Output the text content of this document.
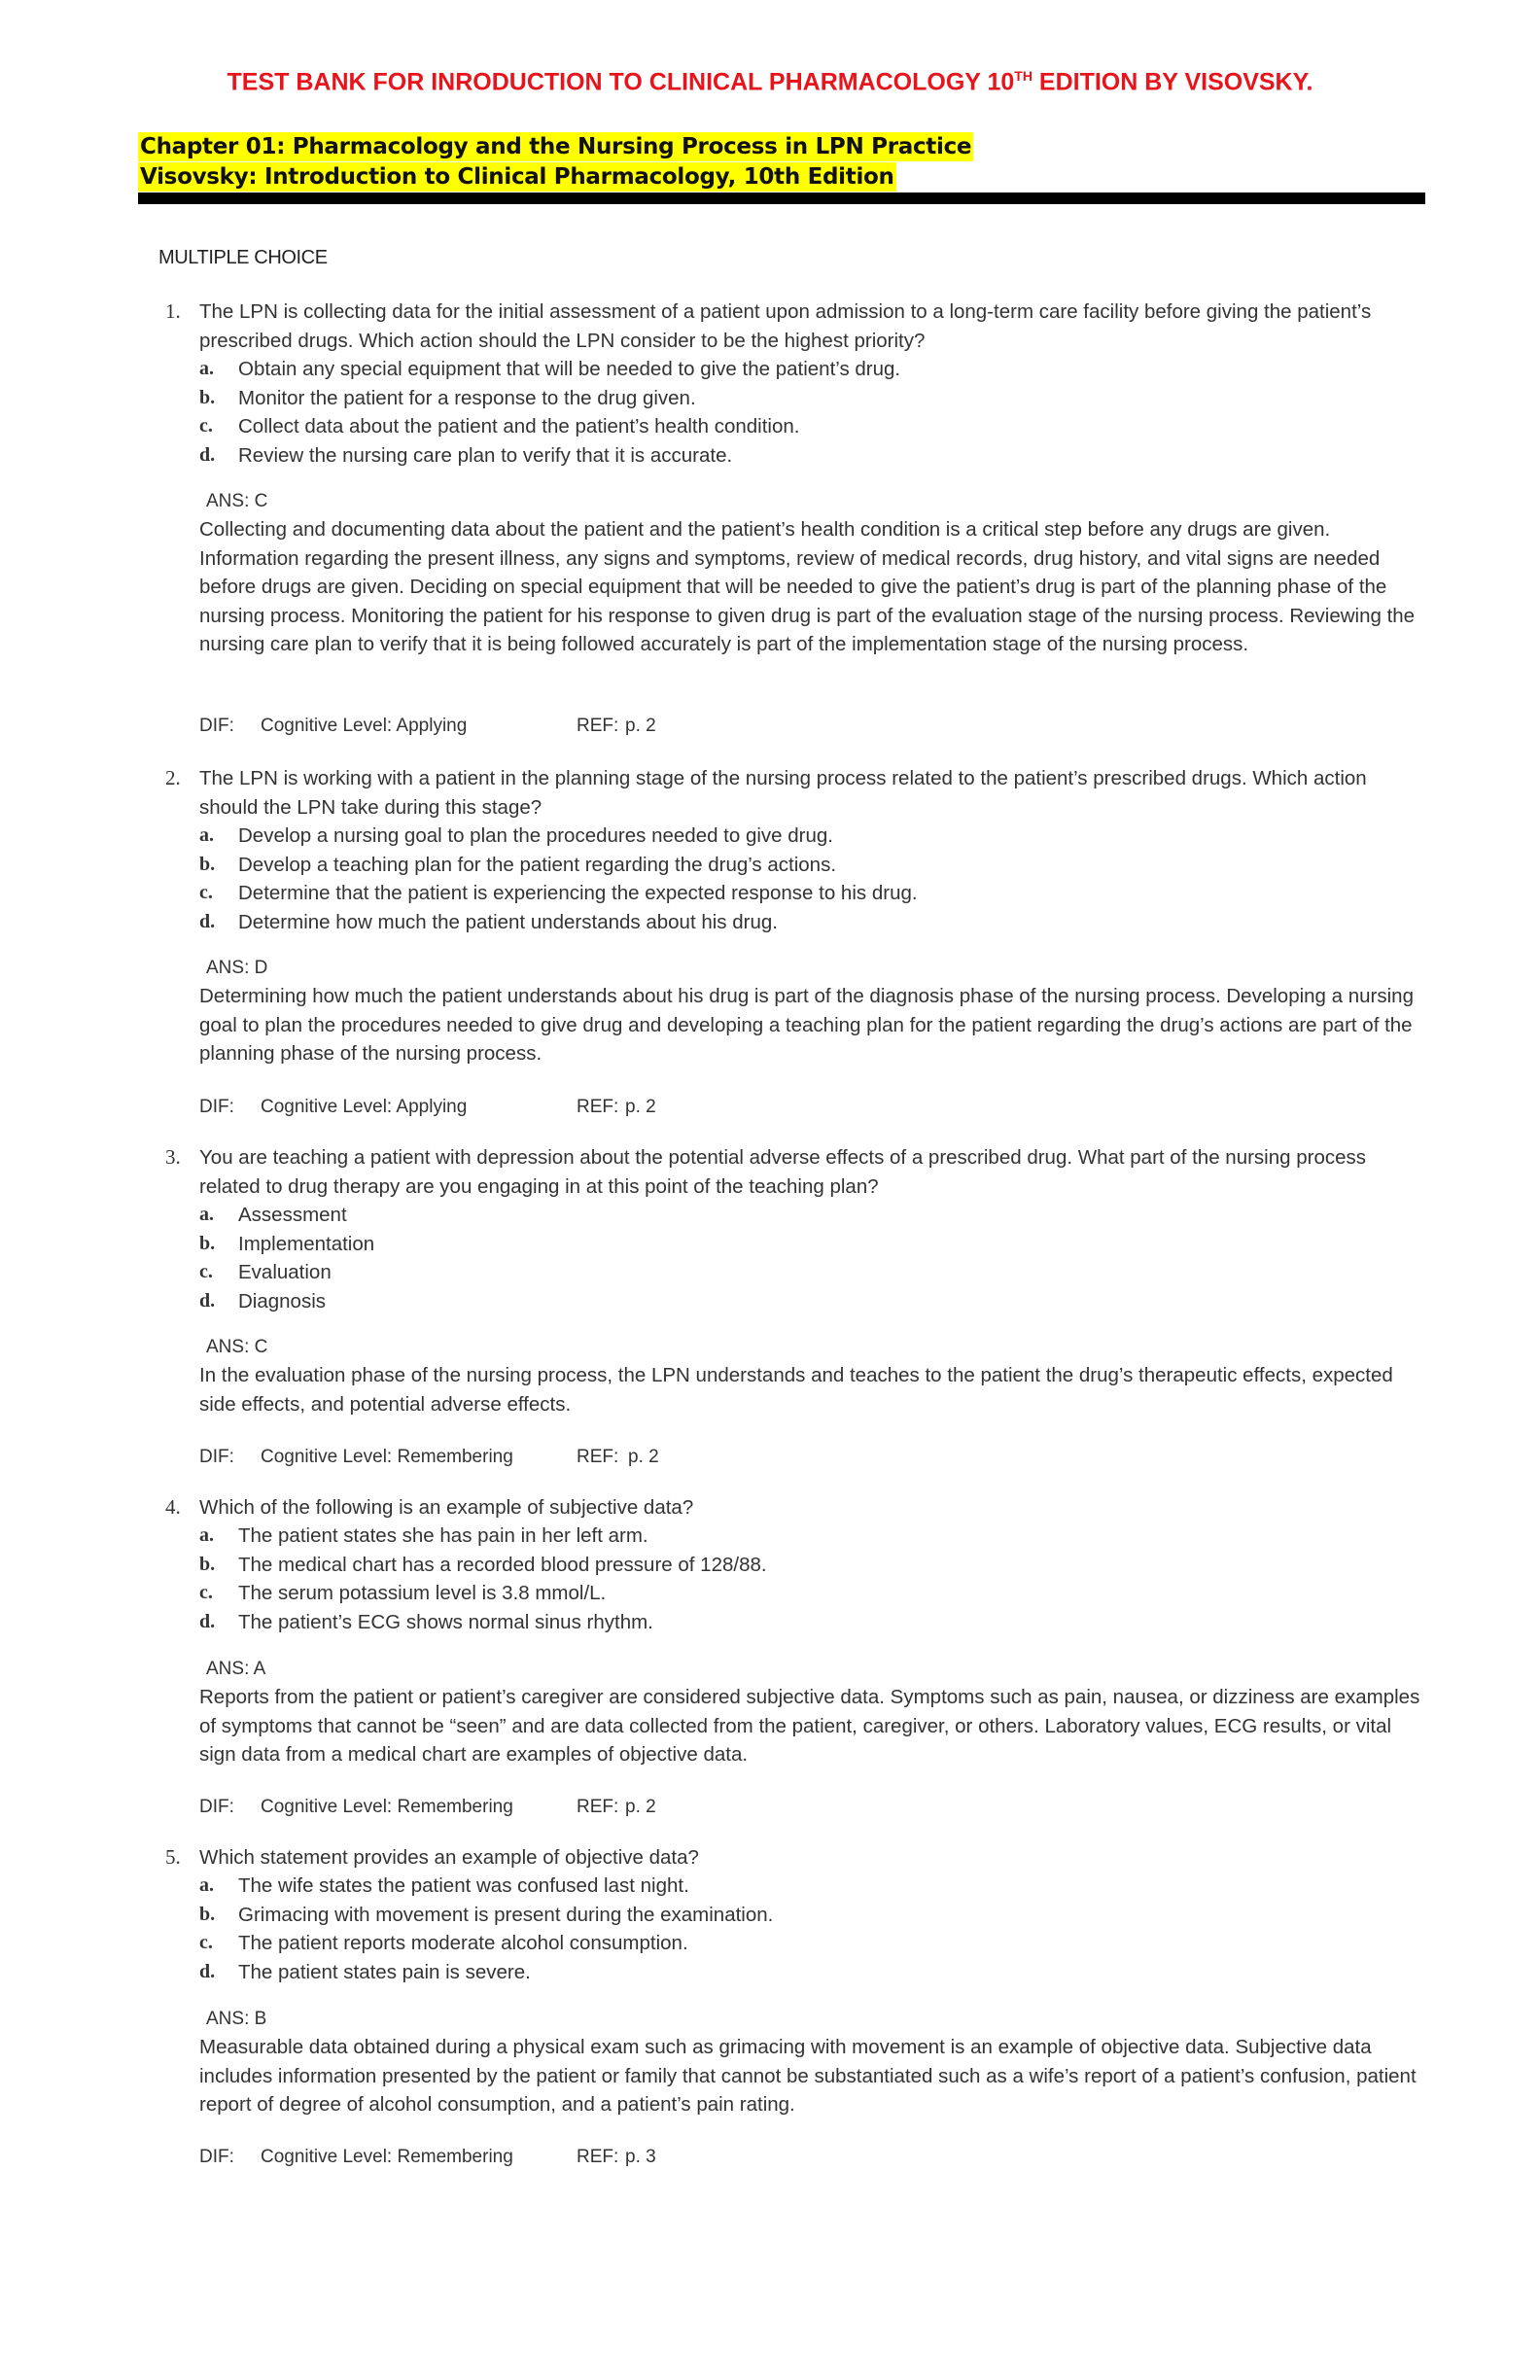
TEST BANK FOR INRODUCTION TO CLINICAL PHARMACOLOGY 10TH EDITION BY VISOVSKY.
Chapter 01: Pharmacology and the Nursing Process in LPN Practice
Visovsky: Introduction to Clinical Pharmacology, 10th Edition
MULTIPLE CHOICE
1. The LPN is collecting data for the initial assessment of a patient upon admission to a long-term care facility before giving the patient’s prescribed drugs. Which action should the LPN consider to be the highest priority?
a. Obtain any special equipment that will be needed to give the patient’s drug.
b. Monitor the patient for a response to the drug given.
c. Collect data about the patient and the patient’s health condition.
d. Review the nursing care plan to verify that it is accurate.
ANS: C
Collecting and documenting data about the patient and the patient’s health condition is a critical step before any drugs are given. Information regarding the present illness, any signs and symptoms, review of medical records, drug history, and vital signs are needed before drugs are given. Deciding on special equipment that will be needed to give the patient’s drug is part of the planning phase of the nursing process. Monitoring the patient for his response to given drug is part of the evaluation stage of the nursing process. Reviewing the nursing care plan to verify that it is being followed accurately is part of the implementation stage of the nursing process.
DIF: Cognitive Level: Applying	REF: p. 2
2. The LPN is working with a patient in the planning stage of the nursing process related to the patient’s prescribed drugs. Which action should the LPN take during this stage?
a. Develop a nursing goal to plan the procedures needed to give drug.
b. Develop a teaching plan for the patient regarding the drug’s actions.
c. Determine that the patient is experiencing the expected response to his drug.
d. Determine how much the patient understands about his drug.
ANS: D
Determining how much the patient understands about his drug is part of the diagnosis phase of the nursing process. Developing a nursing goal to plan the procedures needed to give drug and developing a teaching plan for the patient regarding the drug’s actions are part of the planning phase of the nursing process.
DIF: Cognitive Level: Applying	REF: p. 2
3. You are teaching a patient with depression about the potential adverse effects of a prescribed drug. What part of the nursing process related to drug therapy are you engaging in at this point of the teaching plan?
a. Assessment
b. Implementation
c. Evaluation
d. Diagnosis
ANS: C
In the evaluation phase of the nursing process, the LPN understands and teaches to the patient the drug’s therapeutic effects, expected side effects, and potential adverse effects.
DIF: Cognitive Level: Remembering	REF: p. 2
4. Which of the following is an example of subjective data?
a. The patient states she has pain in her left arm.
b. The medical chart has a recorded blood pressure of 128/88.
c. The serum potassium level is 3.8 mmol/L.
d. The patient’s ECG shows normal sinus rhythm.
ANS: A
Reports from the patient or patient’s caregiver are considered subjective data. Symptoms such as pain, nausea, or dizziness are examples of symptoms that cannot be “seen” and are data collected from the patient, caregiver, or others. Laboratory values, ECG results, or vital sign data from a medical chart are examples of objective data.
DIF: Cognitive Level: Remembering	REF: p. 2
5. Which statement provides an example of objective data?
a. The wife states the patient was confused last night.
b. Grimacing with movement is present during the examination.
c. The patient reports moderate alcohol consumption.
d. The patient states pain is severe.
ANS: B
Measurable data obtained during a physical exam such as grimacing with movement is an example of objective data. Subjective data includes information presented by the patient or family that cannot be substantiated such as a wife’s report of a patient’s confusion, patient report of degree of alcohol consumption, and a patient’s pain rating.
DIF: Cognitive Level: Remembering	REF: p. 3
